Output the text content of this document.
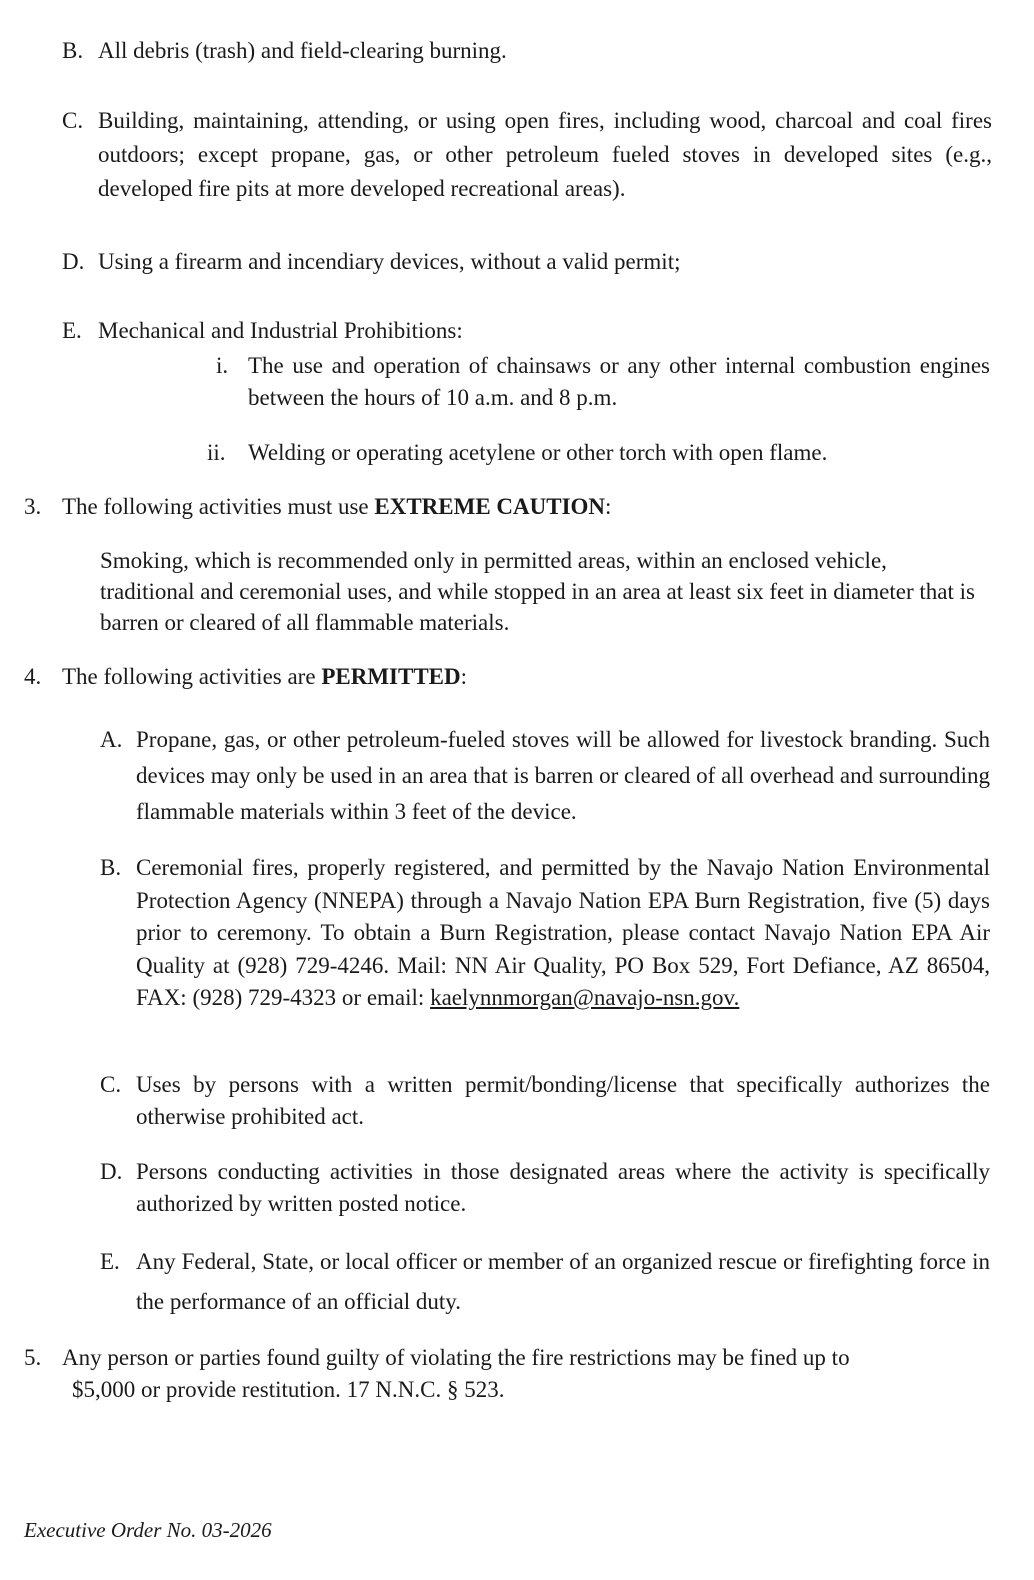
B. All debris (trash) and field-clearing burning.
C. Building, maintaining, attending, or using open fires, including wood, charcoal and coal fires outdoors; except propane, gas, or other petroleum fueled stoves in developed sites (e.g., developed fire pits at more developed recreational areas).
D. Using a firearm and incendiary devices, without a valid permit;
E. Mechanical and Industrial Prohibitions:
i. The use and operation of chainsaws or any other internal combustion engines between the hours of 10 a.m. and 8 p.m.
ii. Welding or operating acetylene or other torch with open flame.
3. The following activities must use EXTREME CAUTION:
Smoking, which is recommended only in permitted areas, within an enclosed vehicle, traditional and ceremonial uses, and while stopped in an area at least six feet in diameter that is barren or cleared of all flammable materials.
4. The following activities are PERMITTED:
A. Propane, gas, or other petroleum-fueled stoves will be allowed for livestock branding. Such devices may only be used in an area that is barren or cleared of all overhead and surrounding flammable materials within 3 feet of the device.
B. Ceremonial fires, properly registered, and permitted by the Navajo Nation Environmental Protection Agency (NNEPA) through a Navajo Nation EPA Burn Registration, five (5) days prior to ceremony. To obtain a Burn Registration, please contact Navajo Nation EPA Air Quality at (928) 729-4246. Mail: NN Air Quality, PO Box 529, Fort Defiance, AZ 86504, FAX: (928) 729-4323 or email: kaelynnmorgan@navajo-nsn.gov.
C. Uses by persons with a written permit/bonding/license that specifically authorizes the otherwise prohibited act.
D. Persons conducting activities in those designated areas where the activity is specifically authorized by written posted notice.
E. Any Federal, State, or local officer or member of an organized rescue or firefighting force in the performance of an official duty.
5. Any person or parties found guilty of violating the fire restrictions may be fined up to
$5,000 or provide restitution. 17 N.N.C. § 523.
Executive Order No. 03-2026
